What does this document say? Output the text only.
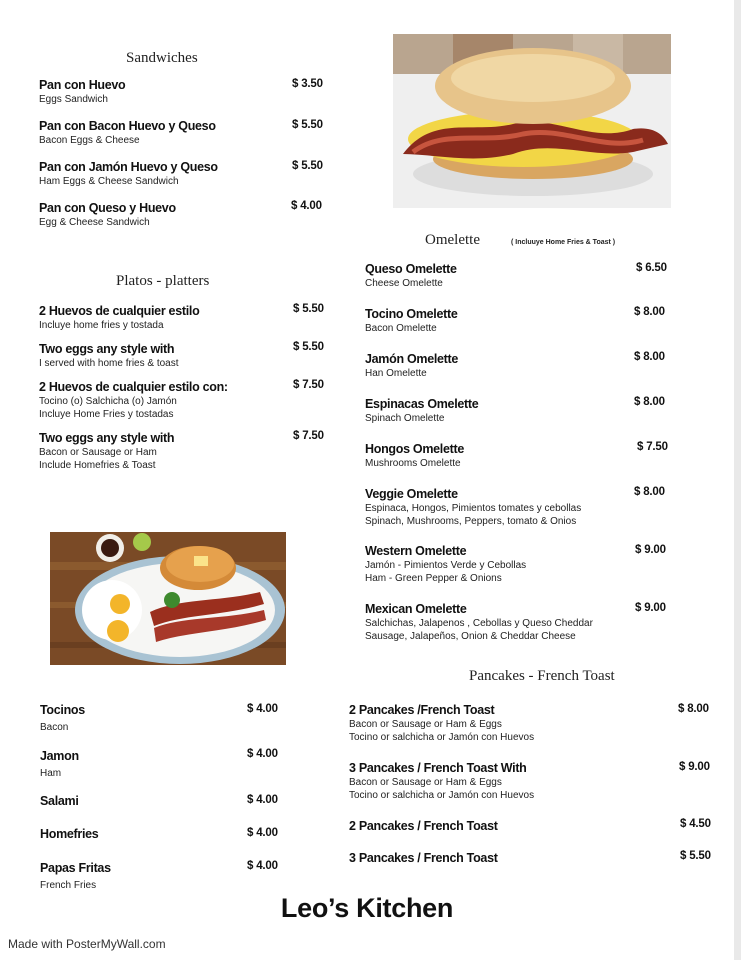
Sandwiches
Pan con Huevo
Eggs Sandwich
$ 3.50
Pan con Bacon Huevo y Queso
Bacon Eggs & Cheese
$ 5.50
Pan con Jamón Huevo y Queso
Ham Eggs & Cheese Sandwich
$ 5.50
Pan con Queso y Huevo
Egg & Cheese Sandwich
$ 4.00
Platos - platters
2 Huevos de cualquier estilo
Incluye home fries y tostada
$ 5.50
Two eggs any style with
I served with home fries & toast
$ 5.50
2 Huevos de cualquier estilo con:
Tocino (o) Salchicha (o) Jamón
Incluye Home Fries y tostadas
$ 7.50
Two eggs any style with
Bacon or Sausage or Ham
Include Homefries & Toast
$ 7.50
Omelette	( Incluuye Home Fries & Toast )
Queso Omelette
Cheese Omelette
$ 6.50
Tocino Omelette
Bacon Omelette
$ 8.00
Jamón Omelette
Han Omelette
$ 8.00
Espinacas Omelette
Spinach Omelette
$ 8.00
Hongos Omelette
Mushrooms Omelette
$ 7.50
Veggie Omelette
Espinaca, Hongos, Pimientos tomates y cebollas
Spinach, Mushrooms, Peppers, tomato & Onios
$ 8.00
Western Omelette
Jamón - Pimientos Verde y Cebollas
Ham - Green Pepper & Onions
$ 9.00
Mexican Omelette
Salchichas, Jalapenos , Cebollas y Queso Cheddar
Sausage, Jalapeños, Onion & Cheddar Cheese
$ 9.00
Tocinos
Bacon
$ 4.00
Jamon
Ham
$ 4.00
Salami	$ 4.00
Homefries	$ 4.00
Papas Fritas
French Fries
$ 4.00
Pancakes - French Toast
2 Pancakes /French Toast
Bacon or Sausage or Ham & Eggs
Tocino or salchicha or Jamón con Huevos
$ 8.00
3 Pancakes / French Toast With
Bacon or Sausage or Ham & Eggs
Tocino or salchicha or Jamón con Huevos
$ 9.00
2 Pancakes / French Toast	$ 4.50
3 Pancakes / French Toast	$ 5.50
Leo’s Kitchen
Made with PosterMyWall.com
